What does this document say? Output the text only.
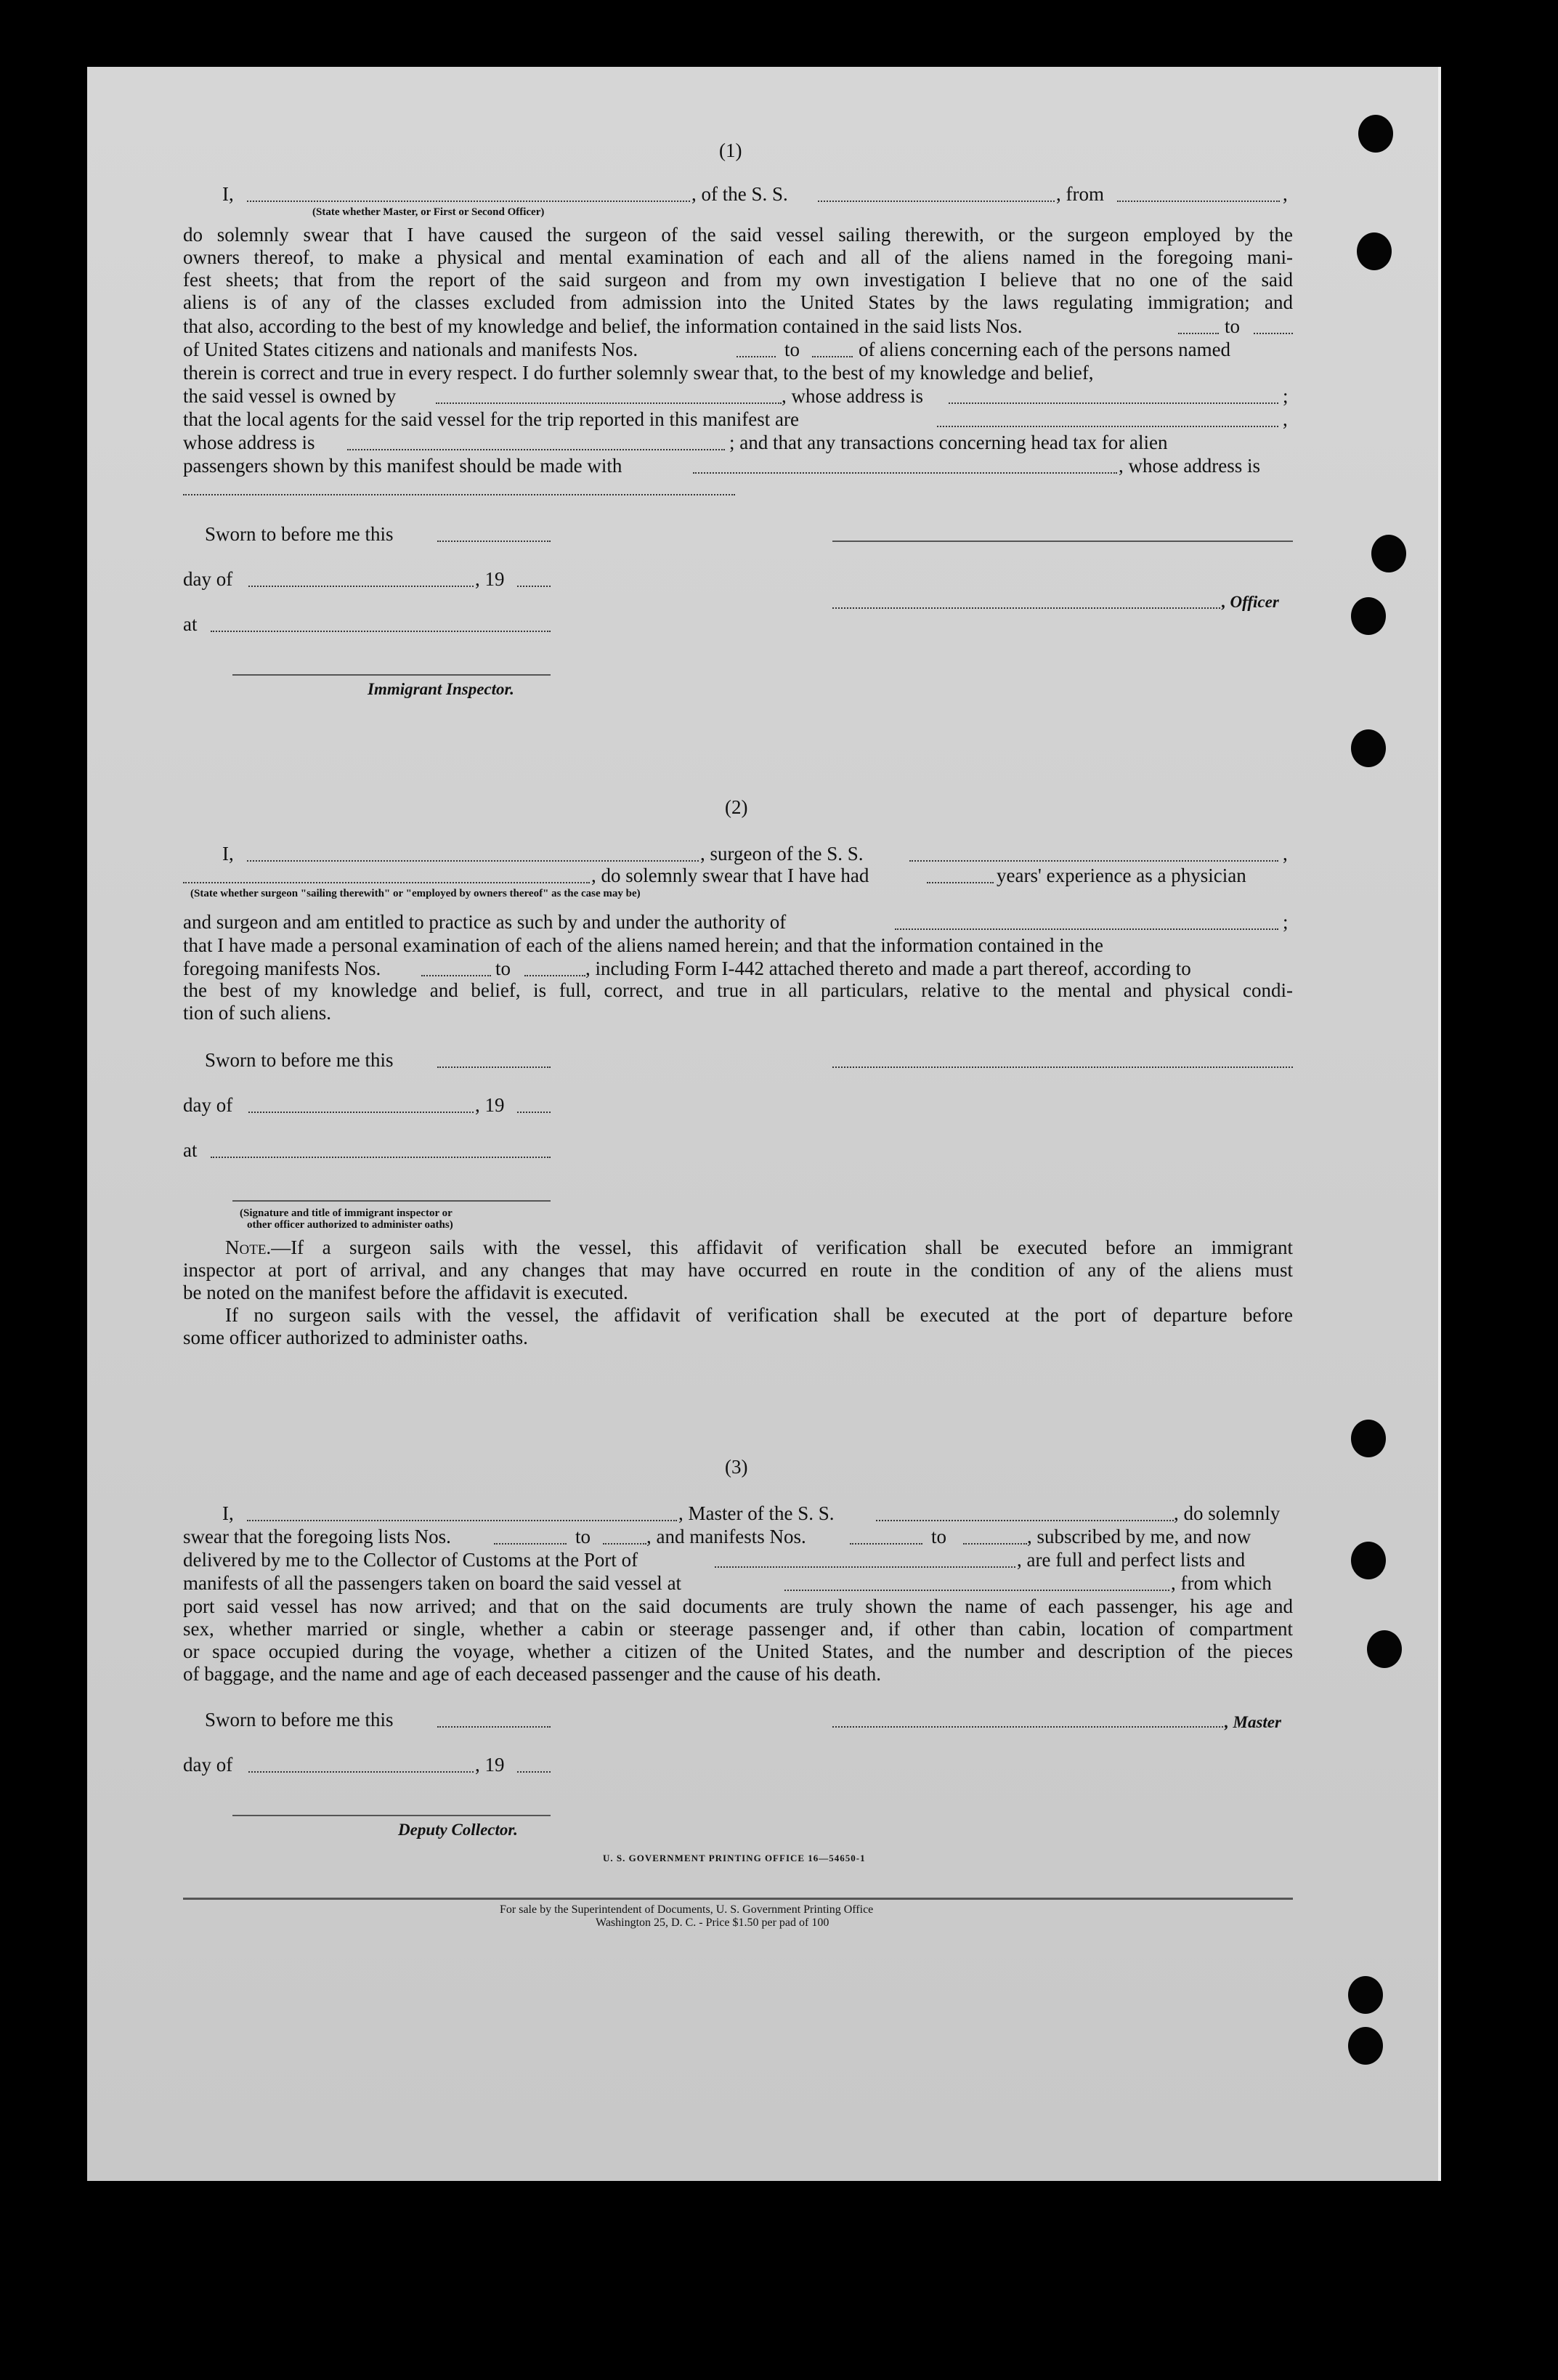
(1)
I,	, of the S. S.	, from	,
(State whether Master, or First or Second Officer)
do solemnly swear that I have caused the surgeon of the said vessel sailing therewith, or the surgeon employed by the
owners thereof, to make a physical and mental examination of each and all of the aliens named in the foregoing mani-
fest sheets; that from the report of the said surgeon and from my own investigation I believe that no one of the said
aliens is of any of the classes excluded from admission into the United States by the laws regulating immigration; and
that also, according to the best of my knowledge and belief, the information contained in the said lists Nos.	to
of United States citizens and nationals and manifests Nos.	to	of aliens concerning each of the persons named
therein is correct and true in every respect. I do further solemnly swear that, to the best of my knowledge and belief,
the said vessel is owned by	, whose address is	;
that the local agents for the said vessel for the trip reported in this manifest are	,
whose address is	; and that any transactions concerning head tax for alien
passengers shown by this manifest should be made with	, whose address is
Sworn to before me this
day of	, 19
, Officer
at
Immigrant Inspector.
(2)
I,	, surgeon of the S. S.	,
, do solemnly swear that I have had	years' experience as a physician
(State whether surgeon "sailing therewith" or "employed by owners thereof" as the case may be)
and surgeon and am entitled to practice as such by and under the authority of	;
that I have made a personal examination of each of the aliens named herein; and that the information contained in the
foregoing manifests Nos.	to	, including Form I-442 attached thereto and made a part thereof, according to
the best of my knowledge and belief, is full, correct, and true in all particulars, relative to the mental and physical condi-
tion of such aliens.
Sworn to before me this
day of	, 19
at
(Signature and title of immigrant inspector or
other officer authorized to administer oaths)
Note.—If a surgeon sails with the vessel, this affidavit of verification shall be executed before an immigrant
inspector at port of arrival, and any changes that may have occurred en route in the condition of any of the aliens must
be noted on the manifest before the affidavit is executed.
If no surgeon sails with the vessel, the affidavit of verification shall be executed at the port of departure before
some officer authorized to administer oaths.
(3)
I,	, Master of the S. S.	, do solemnly
swear that the foregoing lists Nos.	to	, and manifests Nos.	to	, subscribed by me, and now
delivered by me to the Collector of Customs at the Port of	, are full and perfect lists and
manifests of all the passengers taken on board the said vessel at	, from which
port said vessel has now arrived; and that on the said documents are truly shown the name of each passenger, his age and
sex, whether married or single, whether a cabin or steerage passenger and, if other than cabin, location of compartment
or space occupied during the voyage, whether a citizen of the United States, and the number and description of the pieces
of baggage, and the name and age of each deceased passenger and the cause of his death.
Sworn to before me this	, Master
day of	, 19
Deputy Collector.
U. S. GOVERNMENT PRINTING OFFICE 16—54650-1
For sale by the Superintendent of Documents, U. S. Government Printing Office
Washington 25, D. C. - Price $1.50 per pad of 100
